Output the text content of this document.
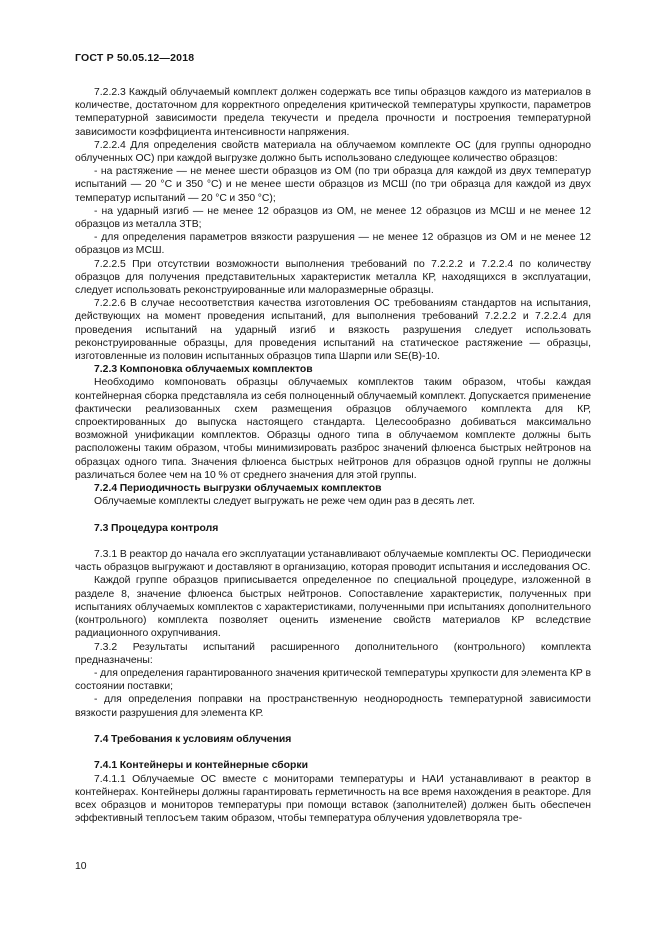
ГОСТ Р 50.05.12—2018

7.2.2.3 Каждый облучаемый комплект должен содержать все типы образцов каждого из материалов в количестве, достаточном для корректного определения критической температуры хрупкости, параметров температурной зависимости предела текучести и предела прочности и построения температурной зависимости коэффициента интенсивности напряжения.

7.2.2.4 Для определения свойств материала на облучаемом комплекте ОС (для группы однородно облученных ОС) при каждой выгрузке должно быть использовано следующее количество образцов:

- на растяжение — не менее шести образцов из ОМ (по три образца для каждой из двух температур испытаний — 20 °С и 350 °С) и не менее шести образцов из МСШ (по три образца для каждой из двух температур испытаний — 20 °С и 350 °С);

- на ударный изгиб — не менее 12 образцов из ОМ, не менее 12 образцов из МСШ и не менее 12 образцов из металла ЗТВ;

- для определения параметров вязкости разрушения — не менее 12 образцов из ОМ и не менее 12 образцов из МСШ.

7.2.2.5 При отсутствии возможности выполнения требований по 7.2.2.2 и 7.2.2.4 по количеству образцов для получения представительных характеристик металла КР, находящихся в эксплуатации, следует использовать реконструированные или малоразмерные образцы.

7.2.2.6 В случае несоответствия качества изготовления ОС требованиям стандартов на испытания, действующих на момент проведения испытаний, для выполнения требований 7.2.2.2 и 7.2.2.4 для проведения испытаний на ударный изгиб и вязкость разрушения следует использовать реконструированные образцы, для проведения испытаний на статическое растяжение — образцы, изготовленные из половин испытанных образцов типа Шарпи или SE(B)-10.

7.2.3 Компоновка облучаемых комплектов

Необходимо компоновать образцы облучаемых комплектов таким образом, чтобы каждая контейнерная сборка представляла из себя полноценный облучаемый комплект. Допускается применение фактически реализованных схем размещения образцов облучаемого комплекта для КР, спроектированных до выпуска настоящего стандарта. Целесообразно добиваться максимально возможной унификации комплектов. Образцы одного типа в облучаемом комплекте должны быть расположены таким образом, чтобы минимизировать разброс значений флюенса быстрых нейтронов на образцах одного типа. Значения флюенса быстрых нейтронов для образцов одной группы не должны различаться более чем на 10 % от среднего значения для этой группы.

7.2.4 Периодичность выгрузки облучаемых комплектов

Облучаемые комплекты следует выгружать не реже чем один раз в десять лет.

7.3 Процедура контроля

7.3.1 В реактор до начала его эксплуатации устанавливают облучаемые комплекты ОС. Периодически часть образцов выгружают и доставляют в организацию, которая проводит испытания и исследования ОС.

Каждой группе образцов приписывается определенное по специальной процедуре, изложенной в разделе 8, значение флюенса быстрых нейтронов. Сопоставление характеристик, полученных при испытаниях облучаемых комплектов с характеристиками, полученными при испытаниях дополнительного (контрольного) комплекта позволяет оценить изменение свойств материалов КР вследствие радиационного охрупчивания.

7.3.2 Результаты испытаний расширенного дополнительного (контрольного) комплекта предназначены:

- для определения гарантированного значения критической температуры хрупкости для элемента КР в состоянии поставки;

- для определения поправки на пространственную неоднородность температурной зависимости вязкости разрушения для элемента КР.

7.4 Требования к условиям облучения

7.4.1 Контейнеры и контейнерные сборки

7.4.1.1 Облучаемые ОС вместе с мониторами температуры и НАИ устанавливают в реактор в контейнерах. Контейнеры должны гарантировать герметичность на все время нахождения в реакторе. Для всех образцов и мониторов температуры при помощи вставок (заполнителей) должен быть обеспечен эффективный теплосъем таким образом, чтобы температура облучения удовлетворяла тре-

10
